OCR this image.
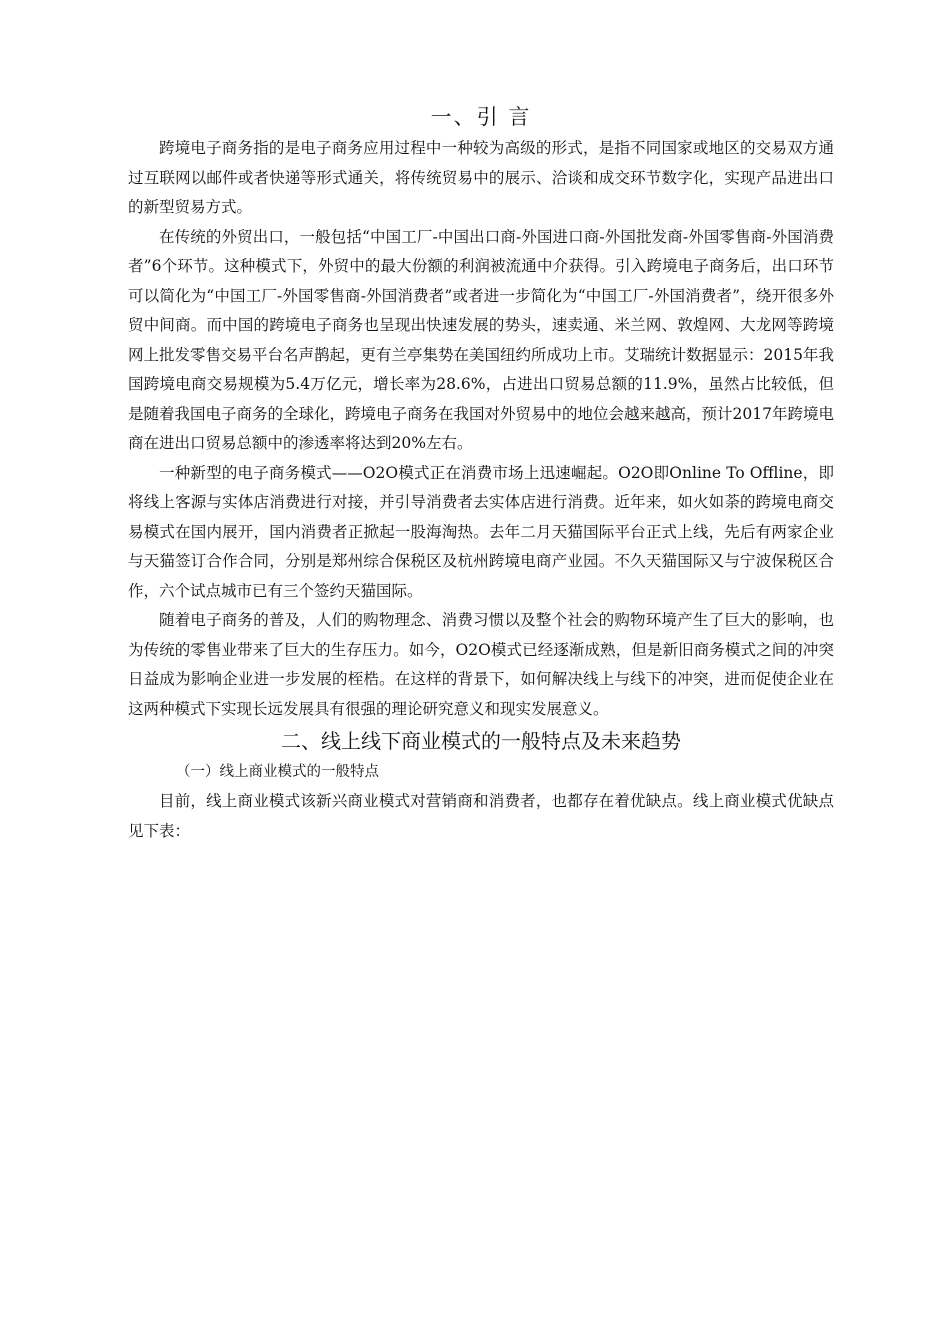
一、引 言

跨境电子商务指的是电子商务应用过程中一种较为高级的形式，是指不同国家或地区的交易双方通过互联网以邮件或者快递等形式通关，将传统贸易中的展示、洽谈和成交环节数字化，实现产品进出口的新型贸易方式。

在传统的外贸出口，一般包括“中国工厂-中国出口商-外国进口商-外国批发商-外国零售商-外国消费者”6个环节。这种模式下，外贸中的最大份额的利润被流通中介获得。引入跨境电子商务后，出口环节可以简化为“中国工厂-外国零售商-外国消费者”或者进一步简化为“中国工厂-外国消费者”，绕开很多外贸中间商。而中国的跨境电子商务也呈现出快速发展的势头，速卖通、米兰网、敦煌网、大龙网等跨境网上批发零售交易平台名声鹊起，更有兰亭集势在美国纽约所成功上市。艾瑞统计数据显示：2015年我国跨境电商交易规模为5.4万亿元，增长率为28.6%，占进出口贸易总额的11.9%，虽然占比较低，但是随着我国电子商务的全球化，跨境电子商务在我国对外贸易中的地位会越来越高，预计2017年跨境电商在进出口贸易总额中的渗透率将达到20%左右。

一种新型的电子商务模式——O2O模式正在消费市场上迅速崛起。O2O即Online To Offline，即将线上客源与实体店消费进行对接，并引导消费者去实体店进行消费。近年来，如火如荼的跨境电商交易模式在国内展开，国内消费者正掀起一股海淘热。去年二月天猫国际平台正式上线，先后有两家企业与天猫签订合作合同，分别是郑州综合保税区及杭州跨境电商产业园。不久天猫国际又与宁波保税区合作，六个试点城市已有三个签约天猫国际。

随着电子商务的普及，人们的购物理念、消费习惯以及整个社会的购物环境产生了巨大的影响，也为传统的零售业带来了巨大的生存压力。如今，O2O模式已经逐渐成熟，但是新旧商务模式之间的冲突日益成为影响企业进一步发展的桎梏。在这样的背景下，如何解决线上与线下的冲突，进而促使企业在这两种模式下实现长远发展具有很强的理论研究意义和现实发展意义。

二、线上线下商业模式的一般特点及未来趋势

（一）线上商业模式的一般特点

目前，线上商业模式该新兴商业模式对营销商和消费者，也都存在着优缺点。线上商业模式优缺点见下表：
